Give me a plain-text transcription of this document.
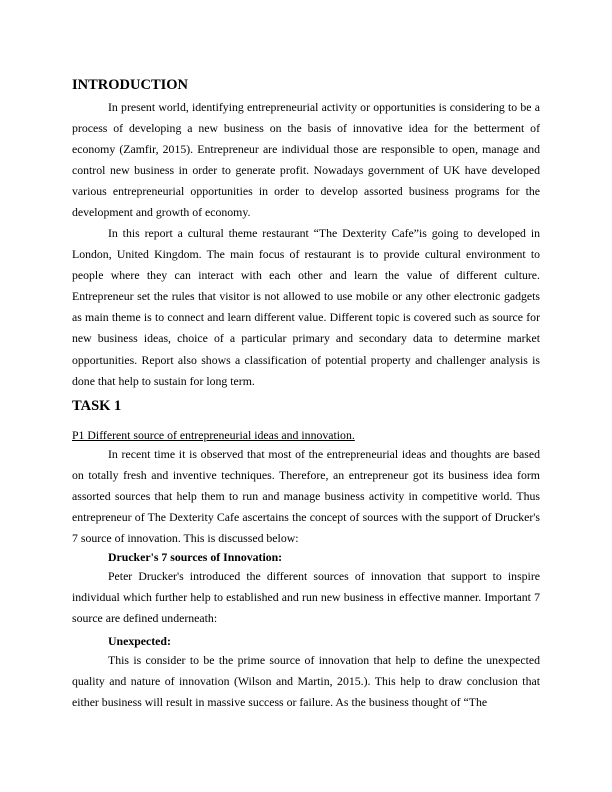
INTRODUCTION

In present world, identifying entrepreneurial activity or opportunities is considering to be a process of developing a new business on the basis of innovative idea for the betterment of economy (Zamfir, 2015). Entrepreneur are individual those are responsible to open, manage and control new business in order to generate profit. Nowadays government of UK have developed various entrepreneurial opportunities in order to develop assorted business programs for the development and growth of economy.

In this report a cultural theme restaurant “The Dexterity Cafe”is going to developed in London, United Kingdom. The main focus of restaurant is to provide cultural environment to people where they can interact with each other and learn the value of different culture. Entrepreneur set the rules that visitor is not allowed to use mobile or any other electronic gadgets as main theme is to connect and learn different value. Different topic is covered such as source for new business ideas, choice of a particular primary and secondary data to determine market opportunities. Report also shows a classification of potential property and challenger analysis is done that help to sustain for long term.

TASK 1

P1 Different source of entrepreneurial ideas and innovation.

In recent time it is observed that most of the entrepreneurial ideas and thoughts are based on totally fresh and inventive techniques. Therefore, an entrepreneur got its business idea form assorted sources that help them to run and manage business activity in competitive world. Thus entrepreneur of The Dexterity Cafe ascertains the concept of sources with the support of Drucker's 7 source of innovation. This is discussed below:

Drucker's 7 sources of Innovation:

Peter Drucker's introduced the different sources of innovation that support to inspire individual which further help to established and run new business in effective manner. Important 7 source are defined underneath:

Unexpected:

This is consider to be the prime source of innovation that help to define the unexpected quality and nature of innovation (Wilson and Martin, 2015.). This help to draw conclusion that either business will result in massive success or failure. As the business thought of “The
